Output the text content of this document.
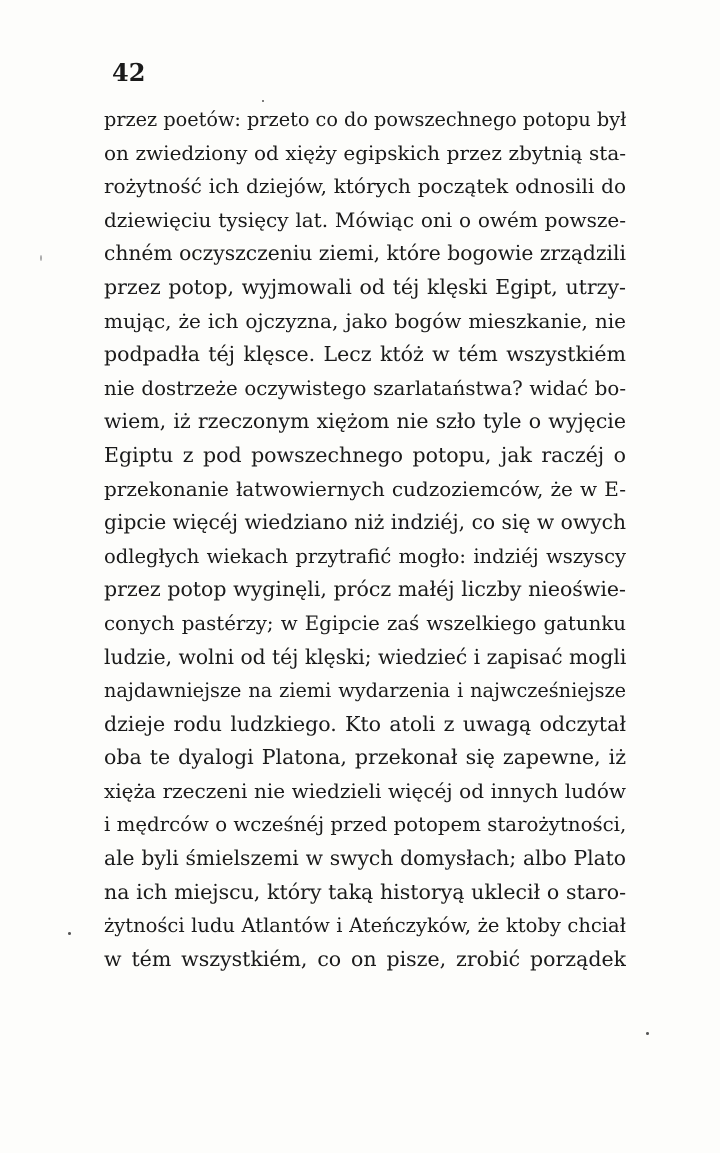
42
przez poetów: przeto co do powszechnego potopu był
on zwiedziony od xięży egipskich przez zbytnią sta-
rożytność ich dziejów, których początek odnosili do
dziewięciu tysięcy lat. Mówiąc oni o owém powsze-
chném oczyszczeniu ziemi, które bogowie zrządzili
przez potop, wyjmowali od téj klęski Egipt, utrzy-
mując, że ich ojczyzna, jako bogów mieszkanie, nie
podpadła téj klęsce. Lecz któż w tém wszystkiém
nie dostrzeże oczywistego szarlataństwa? widać bo-
wiem, iż rzeczonym xiężom nie szło tyle o wyjęcie
Egiptu z pod powszechnego potopu, jak raczéj o
przekonanie łatwowiernych cudzoziemców, że w E-
gipcie więcéj wiedziano niż indziéj, co się w owych
odległych wiekach przytrafić mogło: indziéj wszyscy
przez potop wyginęli, prócz małéj liczby nieoświe-
conych pastérzy; w Egipcie zaś wszelkiego gatunku
ludzie, wolni od téj klęski; wiedzieć i zapisać mogli
najdawniejsze na ziemi wydarzenia i najwcześniejsze
dzieje rodu ludzkiego. Kto atoli z uwagą odczytał
oba te dyalogi Platona, przekonał się zapewne, iż
xięża rzeczeni nie wiedzieli więcéj od innych ludów
i mędrców o wcześnéj przed potopem starożytności,
ale byli śmielszemi w swych domysłach; albo Plato
na ich miejscu, który taką historyą uklecił o staro-
żytności ludu Atlantów i Ateńczyków, że ktoby chciał
w tém wszystkiém, co on pisze, zrobić porządek
